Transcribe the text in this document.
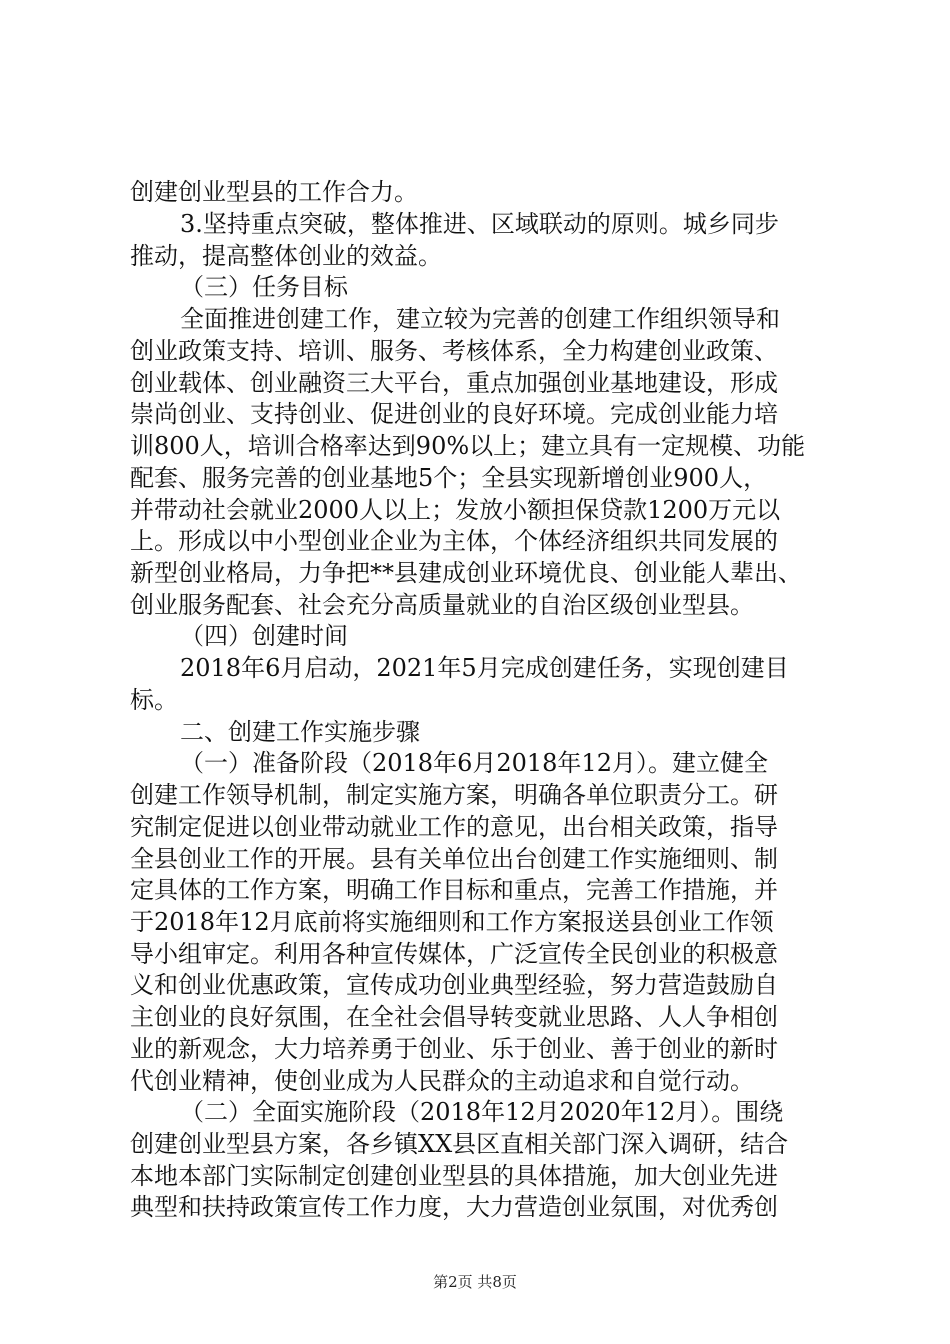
创建创业型县的工作合力。
3.坚持重点突破，整体推进、区域联动的原则。城乡同步
推动，提高整体创业的效益。
（三）任务目标
全面推进创建工作，建立较为完善的创建工作组织领导和
创业政策支持、培训、服务、考核体系，全力构建创业政策、
创业载体、创业融资三大平台，重点加强创业基地建设，形成
崇尚创业、支持创业、促进创业的良好环境。完成创业能力培
训800人，培训合格率达到90%以上；建立具有一定规模、功能
配套、服务完善的创业基地5个；全县实现新增创业900人，
并带动社会就业2000人以上；发放小额担保贷款1200万元以
上。形成以中小型创业企业为主体，个体经济组织共同发展的
新型创业格局，力争把**县建成创业环境优良、创业能人辈出、
创业服务配套、社会充分高质量就业的自治区级创业型县。
（四）创建时间
2018年6月启动，2021年5月完成创建任务，实现创建目
标。
二、创建工作实施步骤
（一）准备阶段（2018年6月2018年12月）。建立健全
创建工作领导机制，制定实施方案，明确各单位职责分工。研
究制定促进以创业带动就业工作的意见，出台相关政策，指导
全县创业工作的开展。县有关单位出台创建工作实施细则、制
定具体的工作方案，明确工作目标和重点，完善工作措施，并
于2018年12月底前将实施细则和工作方案报送县创业工作领
导小组审定。利用各种宣传媒体，广泛宣传全民创业的积极意
义和创业优惠政策，宣传成功创业典型经验，努力营造鼓励自
主创业的良好氛围，在全社会倡导转变就业思路、人人争相创
业的新观念，大力培养勇于创业、乐于创业、善于创业的新时
代创业精神，使创业成为人民群众的主动追求和自觉行动。
（二）全面实施阶段（2018年12月2020年12月）。围绕
创建创业型县方案，各乡镇XX县区直相关部门深入调研，结合
本地本部门实际制定创建创业型县的具体措施，加大创业先进
典型和扶持政策宣传工作力度，大力营造创业氛围，对优秀创
第2页 共8页
